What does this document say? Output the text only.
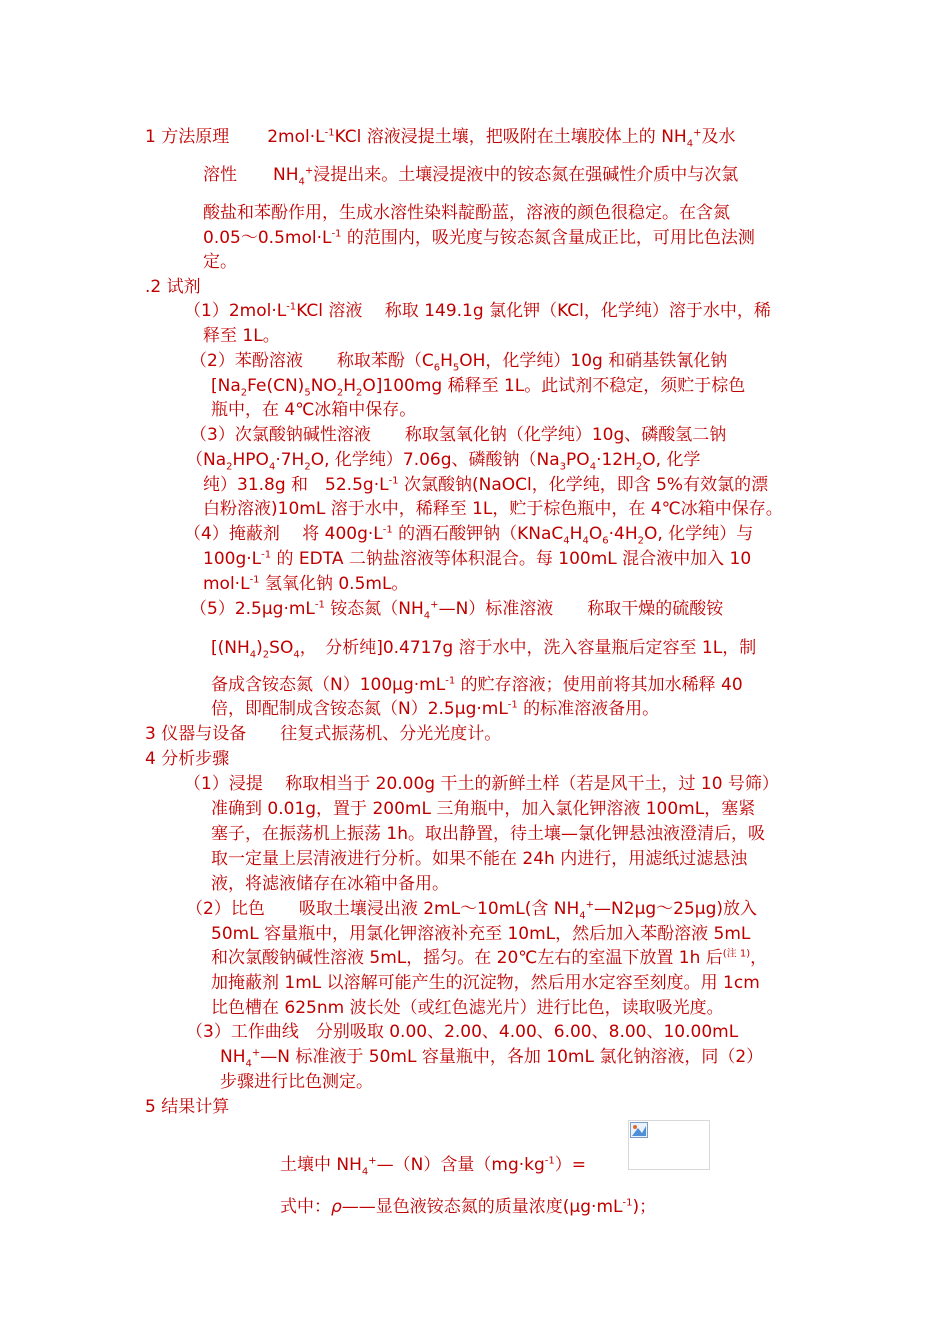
1 方法原理 $2mol\cdot L^{-1}KCl$ 溶液浸提土壤，把吸附在土壤胶体上的 $NH_4^+$及水
溶性 $NH_4^+$浸提出来。土壤浸提液中的铵态氮在强碱性介质中与次氯
酸盐和苯酚作用，生成水溶性染料靛酚蓝，溶液的颜色很稳定。在含氮
$0.05\sim 0.5mol\cdot L^{-1}$ 的范围内，吸光度与铵态氮含量成正比，可用比色法测
定。
.2 试剂
$(1)2mol\cdot L^{-1}KCl$ 溶液　 称取 149.1g 氯化钾（KCl，化学纯）溶于水中，稀
释至 1L。
（2）苯酚溶液　　称取苯酚（$C_6H_5OH$，化学纯）10g 和硝基铁氰化钠
$[Na_2Fe(CN)_5NO_2H_2O]100mg$ 稀释至 1L。此试剂不稳定，须贮于棕色
瓶中，在 4℃冰箱中保存。
（3）次氯酸钠碱性溶液　　称取氢氧化钠（化学纯）10g、磷酸氢二钠
（$Na_2HPO_4\cdot 7H_2O$, 化学纯）7.06g、磷酸钠（$Na_3PO_4\cdot 12H_2O$, 化学
纯）31.8g 和　$52.5g\cdot L^{-1}$ 次氯酸钠(NaOCl，化学纯，即含 5%有效氯的漂
白粉溶液)10mL 溶于水中，稀释至 1L，贮于棕色瓶中，在 4℃冰箱中保存。
（4）掩蔽剂　 将 $400g\cdot L^{-1}$ 的酒石酸钾钠（$KNaC_4H_4O_6\cdot 4H_2O$, 化学纯）与
$100g\cdot L^{-1}$ 的 EDTA 二钠盐溶液等体积混合。每 100mL 混合液中加入 10
$mol\cdot L^{-1}$ 氢氧化钠 0.5mL。
$(5)2.5\mu g\cdot mL^{-1}$ 铵态氮$(NH_4^+—N)$标准溶液　　称取干燥的硫酸铵
[$(NH_4)_2SO_4$，　分析纯]0.4717g 溶于水中，洗入容量瓶后定容至 1L，制
备成含铵态氮$(N)100\mu g\cdot mL^{-1}$ 的贮存溶液；使用前将其加水稀释 40
倍，即配制成含铵态氮$(N)2.5\mu g\cdot mL^{-1}$ 的标准溶液备用。
3 仪器与设备　　往复式振荡机、分光光度计。
4 分析步骤
（1）浸提　 称取相当于 20.00g 干土的新鲜土样（若是风干土，过 10 号筛）
准确到 0.01g，置于 200mL 三角瓶中，加入氯化钾溶液 100mL，塞紧
塞子，在振荡机上振荡 1h。取出静置，待土壤—氯化钾悬浊液澄清后，吸
取一定量上层清液进行分析。如果不能在 24h 内进行，用滤纸过滤悬浊
液，将滤液储存在冰箱中备用。
（2）比色　　吸取土壤浸出液 2mL～10mL(含 $NH_4^+—N2\mu g\sim 25\mu g$)放入
50mL 容量瓶中，用氯化钾溶液补充至 10mL，然后加入苯酚溶液 5mL
和次氯酸钠碱性溶液 5mL，摇匀。在 20℃左右的室温下放置 1h 后$^{(注 1)}$，
加掩蔽剂 1mL 以溶解可能产生的沉淀物，然后用水定容至刻度。用 1cm
比色槽在 625nm 波长处（或红色滤光片）进行比色，读取吸光度。
（3）工作曲线　分别吸取 0.00、2.00、4.00、6.00、8.00、10.00mL
$NH_4^+—N$ 标准液于 50mL 容量瓶中，各加 10mL 氯化钠溶液，同（2）
步骤进行比色测定。
5 结果计算
土壤中 $NH_4^+—(N)$含量$(mg\cdot kg^{-1})=$
式中：ρ——显色液铵态氮的质量浓度$(\mu g\cdot mL^{-1})$；
